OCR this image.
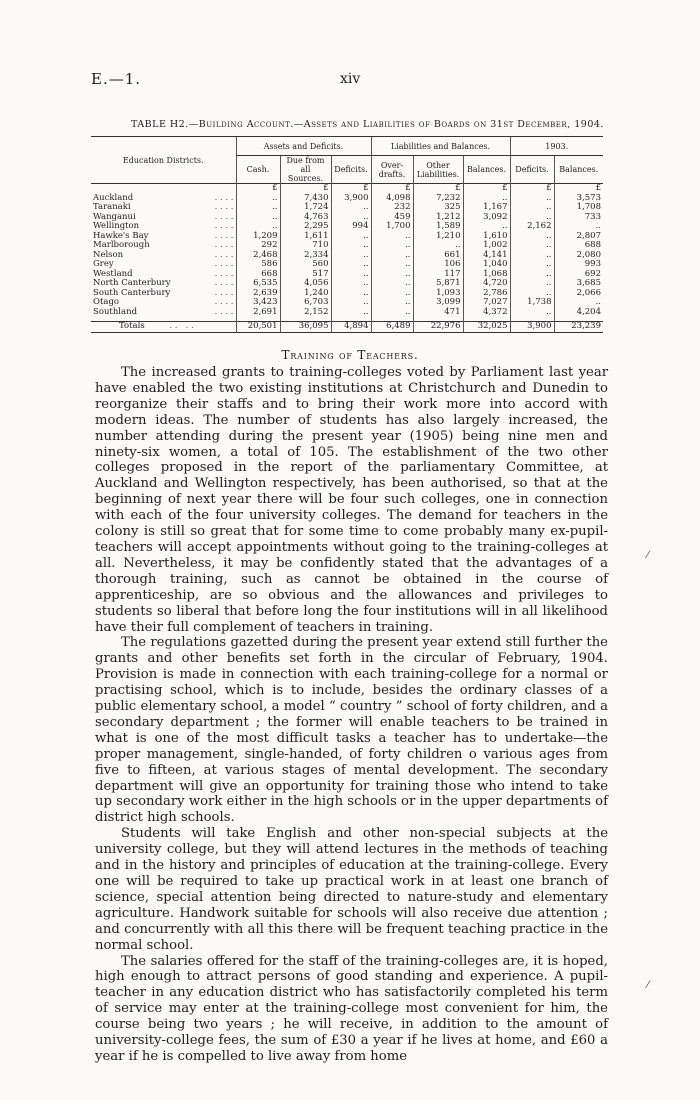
E.—1.	xiv
TABLE H2.—Building Account.—Assets and Liabilities of Boards on 31st December, 1904.
Education Districts.	Assets and Deficits.			Liabilities and Balances.			1903.	
	Cash.	Due from all Sources.	Deficits.	Over-drafts.	Other Liabilities.	Balances.	Deficits.	Balances.
	£	£	£	£	£	£	£	£
Auckland . . . .	..	7,430	3,900	4,098	7,232	..	..	3,573
Taranaki . . . .	..	1,724	..	232	325	1,167	..	1,708
Wanganui . . . .	..	4,763	..	459	1,212	3,092	..	733
Wellington . . . .	..	2,295	994	1,700	1,589	..	2,162	..
Hawke's Bay . . . .	1,209	1,611	..	..	1,210	1,610	..	2,807
Marlborough . . . .	292	710	..	..	..	1,002	..	688
Nelson . . . .	2,468	2,334	..	..	661	4,141	..	2,080
Grey . . . .	586	560	..	..	106	1,040	..	993
Westland . . . .	668	517	..	..	117	1,068	..	692
North Canterbury . . . .	6,535	4,056	..	..	5,871	4,720	..	3,685
South Canterbury . . . .	2,639	1,240	..	..	1,093	2,786	..	2,066
Otago . . . .	3,423	6,703	..	..	3,099	7,027	1,738	..
Southland . . . .	2,691	2,152	..	..	471	4,372	..	4,204

Totals . .   . .	20,501	36,095	4,894	6,489	22,976	32,025	3,900	23,239
Training of Teachers.

The increased grants to training-colleges voted by Parliament last year have enabled the two existing institutions at Christchurch and Dunedin to reorganize their staffs and to bring their work more into accord with modern ideas. The number of students has also largely increased, the number attending during the present year (1905) being nine men and ninety-six women, a total of 105. The establishment of the two other colleges proposed in the report of the parliamentary Committee, at Auckland and Wellington respectively, has been authorised, so that at the beginning of next year there will be four such colleges, one in connection with each of the four university colleges. The demand for teachers in the colony is still so great that for some time to come probably many ex-pupil-teachers will accept appointments without going to the training-colleges at all. Nevertheless, it may be confidently stated that the advantages of a thorough training, such as cannot be obtained in the course of apprenticeship, are so obvious and the allowances and privileges to students so liberal that before long the four institutions will in all likelihood have their full complement of teachers in training.

The regulations gazetted during the present year extend still further the grants and other benefits set forth in the circular of February, 1904. Provision is made in connection with each training-college for a normal or practising school, which is to include, besides the ordinary classes of a public elementary school, a model “ country ” school of forty children, and a secondary department ; the former will enable teachers to be trained in what is one of the most difficult tasks a teacher has to undertake—the proper management, single-handed, of forty children o various ages from five to fifteen, at various stages of mental development. The secondary department will give an opportunity for training those who intend to take up secondary work either in the high schools or in the upper departments of district high schools.

Students will take English and other non-special subjects at the university college, but they will attend lectures in the methods of teaching and in the history and principles of education at the training-college. Every one will be required to take up practical work in at least one branch of science, special attention being directed to nature-study and elementary agriculture. Handwork suitable for schools will also receive due attention ; and concurrently with all this there will be frequent teaching practice in the normal school.

The salaries offered for the staff of the training-colleges are, it is hoped, high enough to attract persons of good standing and experience. A pupil-teacher in any education district who has satisfactorily completed his term of service may enter at the training-college most convenient for him, the course being two years ; he will receive, in addition to the amount of university-college fees, the sum of £30 a year if he lives at home, and £60 a year if he is compelled to live away from home

⁄
⁄
